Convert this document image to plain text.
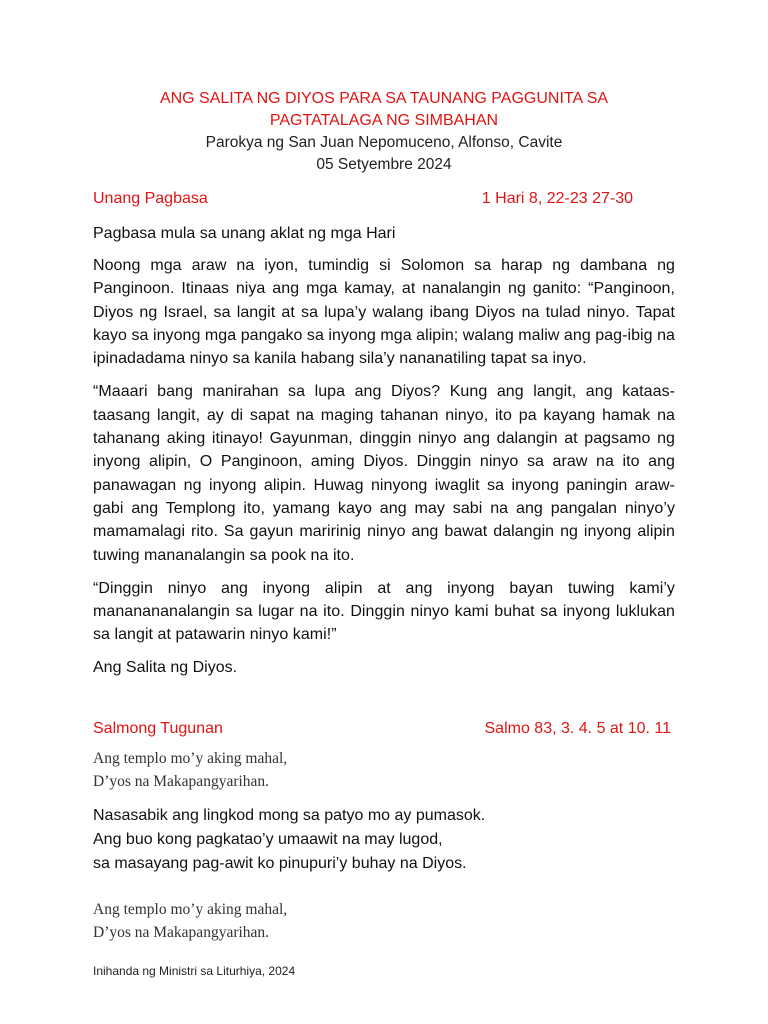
ANG SALITA NG DIYOS PARA SA TAUNANG PAGGUNITA SA

PAGTATALAGA NG SIMBAHAN

Parokya ng San Juan Nepomuceno, Alfonso, Cavite

05 Setyembre 2024

Unang Pagbasa	1 Hari 8, 22-23 27-30

Pagbasa mula sa unang aklat ng mga Hari

Noong mga araw na iyon, tumindig si Solomon sa harap ng dambana ng Panginoon. Itinaas niya ang mga kamay, at nanalangin ng ganito: “Panginoon, Diyos ng Israel, sa langit at sa lupa’y walang ibang Diyos na tulad ninyo. Tapat kayo sa inyong mga pangako sa inyong mga alipin; walang maliw ang pag-ibig na ipinadadama ninyo sa kanila habang sila’y nananatiling tapat sa inyo.

“Maaari bang manirahan sa lupa ang Diyos? Kung ang langit, ang kataas-taasang langit, ay di sapat na maging tahanan ninyo, ito pa kayang hamak na tahanang aking itinayo! Gayunman, dinggin ninyo ang dalangin at pagsamo ng inyong alipin, O Panginoon, aming Diyos. Dinggin ninyo sa araw na ito ang panawagan ng inyong alipin. Huwag ninyong iwaglit sa inyong paningin araw-gabi ang Templong ito, yamang kayo ang may sabi na ang pangalan ninyo’y mamamalagi rito. Sa gayun maririnig ninyo ang bawat dalangin ng inyong alipin tuwing mananalangin sa pook na ito.

“Dinggin ninyo ang inyong alipin at ang inyong bayan tuwing kami’y mananananalangin sa lugar na ito. Dinggin ninyo kami buhat sa inyong luklukan sa langit at patawarin ninyo kami!”

Ang Salita ng Diyos.

Salmong Tugunan	Salmo 83, 3. 4. 5 at 10. 11

Ang templo mo’y aking mahal,

D’yos na Makapangyarihan.

Nasasabik ang lingkod mong sa patyo mo ay pumasok.

Ang buo kong pagkatao’y umaawit na may lugod,

sa masayang pag-awit ko pinupuri’y buhay na Diyos.

Ang templo mo’y aking mahal,

D’yos na Makapangyarihan.

Inihanda ng Ministri sa Liturhiya, 2024
